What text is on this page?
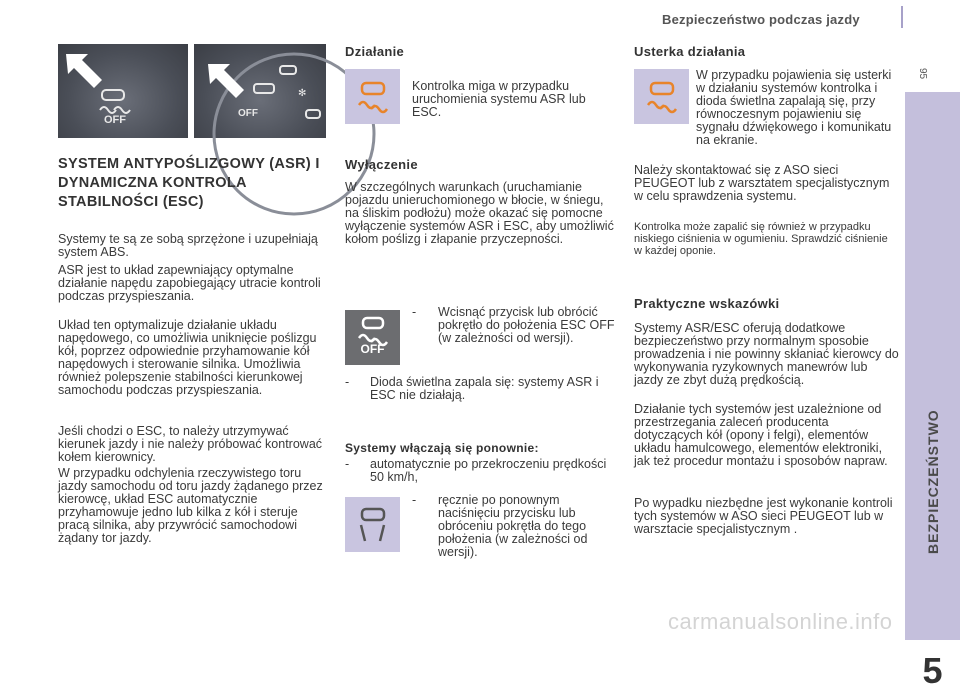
Bezpieczeństwo podczas jazdy
95
BEZPIECZEŃSTWO
5
OFF
✻
OFF
SYSTEM ANTYPOŚLIZGOWY (ASR) I DYNAMICZNA KONTROLA STABILNOŚCI (ESC)
Systemy te są ze sobą sprzężone i uzupełniają system ABS.
ASR jest to układ zapewniający optymalne działanie napędu zapobiegający utracie kontroli podczas przyspieszania.
Układ ten optymalizuje działanie układu napędowego, co umożliwia uniknięcie poślizgu kół, poprzez odpowiednie przyhamowanie kół napędowych i sterowanie silnika. Umożliwia również polepszenie stabilności kierunkowej samochodu podczas przyspieszania.
Jeśli chodzi o ESC, to należy utrzymywać kierunek jazdy i nie należy próbować kontrować kołem kierownicy.
W przypadku odchylenia rzeczywistego toru jazdy samochodu od toru jazdy żądanego przez kierowcę, układ ESC automatycznie przyhamowuje jedno lub kilka z kół i steruje pracą silnika, aby przywrócić samochodowi żądany tor jazdy.
Działanie
Kontrolka miga w przypadku uruchomienia systemu ASR lub ESC.
Wyłączenie
W szczególnych warunkach (uruchamianie pojazdu unieruchomionego w błocie, w śniegu, na śliskim podłożu) może okazać się pomocne wyłączenie systemów ASR i ESC, aby umożliwić kołom poślizg i złapanie przyczepności.
OFF
- Wcisnąć przycisk lub obrócić pokrętło do położenia ESC OFF (w zależności od wersji).
- Dioda świetlna zapala się: systemy ASR i ESC nie działają.
Systemy włączają się ponownie:
- automatycznie po przekroczeniu prędkości 50 km/h,
- ręcznie po ponownym naciśnięciu przycisku lub obróceniu pokrętła do tego położenia (w zależności od wersji).
Usterka działania
W przypadku pojawienia się usterki w działaniu systemów kontrolka i dioda świetlna zapalają się, przy równoczesnym pojawieniu się sygnału dźwiękowego i komunikatu na ekranie.
Należy skontaktować się z ASO sieci PEUGEOT lub z warsztatem specjalistycznym w celu sprawdzenia systemu.
Kontrolka może zapalić się również w przypadku niskiego ciśnienia w ogumieniu. Sprawdzić ciśnienie w każdej oponie.
Praktyczne wskazówki
Systemy ASR/ESC oferują dodatkowe bezpieczeństwo przy normalnym sposobie prowadzenia i nie powinny skłaniać kierowcy do wykonywania ryzykownych manewrów lub jazdy ze zbyt dużą prędkością.
Działanie tych systemów jest uzależnione od przestrzegania zaleceń producenta dotyczących kół (opony i felgi), elementów układu hamulcowego, elementów elektroniki, jak też procedur montażu i sposobów napraw.
Po wypadku niezbędne jest wykonanie kontroli tych systemów w ASO sieci PEUGEOT lub w warsztacie specjalistycznym .
carmanualsonline.info
